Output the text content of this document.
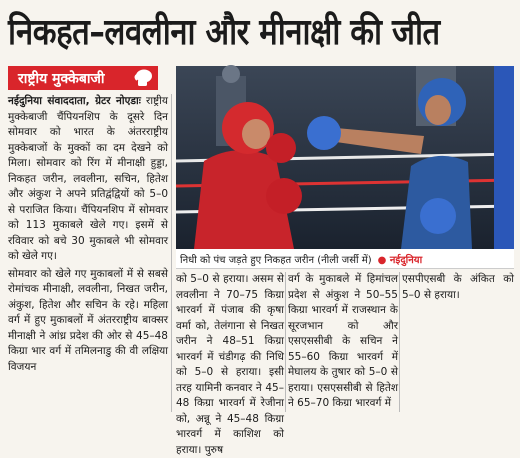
निकहत–लवलीना और मीनाक्षी की जीत
राष्ट्रीय मुक्केबाजी

नईदुनिया संवाददाता, ग्रेटर नोएडाः राष्ट्रीय मुक्केबाजी चैंपियनशिप के दूसरे दिन सोमवार को भारत के अंतरराष्ट्रीय मुक्केबाजों के मुक्कों का दम देखने को मिला। सोमवार को रिंग में मीनाक्षी हुड्डा, निकहत जरीन, लवलीना, सचिन, हितेश और अंकुश ने अपने प्रतिद्वंद्वियों को 5–0 से पराजित किया। चैंपियनशिप में सोमवार को 113 मुकाबले खेले गए। इसमें से रविवार को बचे 30 मुकाबले भी सोमवार को खेले गए।

सोमवार को खेले गए मुकाबलों में से सबसे रोमांचक मीनाक्षी, लवलीना, निखत जरीन, अंकुश, हितेश और सचिन के रहे। महिला वर्ग में हुए मुकाबलों में अंतरराष्ट्रीय बाक्सर मीनाक्षी ने आंध्र प्रदेश की ओर से 45–48 किग्रा भार वर्ग में तमिलनाडु की वी लक्षिया विजयन

निधी को पंच जड़ते हुए निकहत जरीन (नीली जर्सी में) ● नईदुनिया
को 5–0 से हराया। असम से लवलीना ने 70–75 किग्रा भारवर्ग में पंजाब की कृषा वर्मा को, तेलंगाना से निखत जरीन ने 48–51 किग्रा भारवर्ग में चंडीगढ़ की निधि को 5–0 से हराया। इसी तरह यामिनी कनवार ने 45–48 किग्रा भारवर्ग में रेजीना को, अन्नू ने 45–48 किग्रा भारवर्ग में काशिश को हराया। पुरुष
वर्ग के मुकाबले में हिमांचल प्रदेश से अंकुश ने 50–55 किग्रा भारवर्ग में राजस्थान के सूरजभान को और एसएससीबी के सचिन ने 55–60 किग्रा भारवर्ग में मेघालय के तुषार को 5–0 से हराया। एसएससीबी से हितेश ने 65–70 किग्रा भारवर्ग में
एसपीएसबी के अंकित को 5–0 से हराया।
